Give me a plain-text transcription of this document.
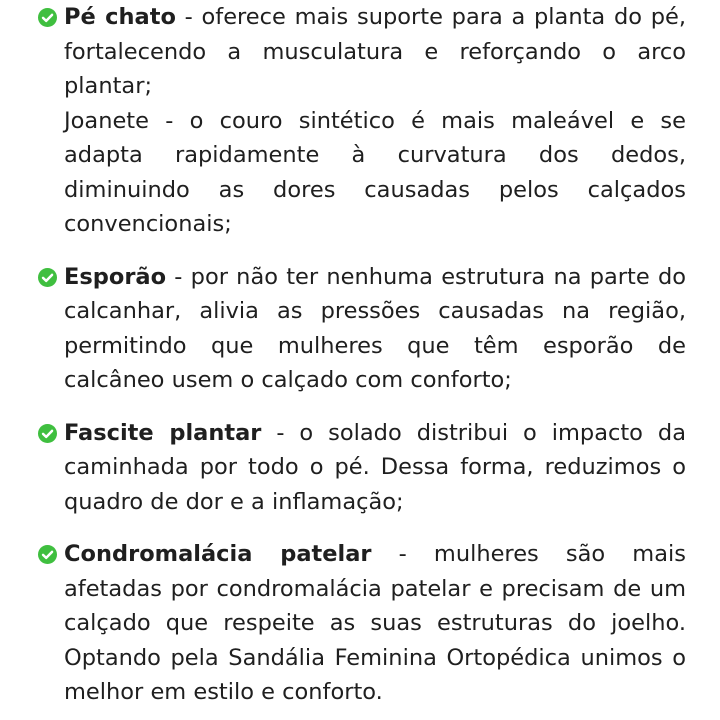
Pé chato - oferece mais suporte para a planta do pé, fortalecendo a musculatura e reforçando o arco plantar;

Joanete - o couro sintético é mais maleável e se adapta rapidamente à curvatura dos dedos, diminuindo as dores causadas pelos calçados convencionais;

Esporão - por não ter nenhuma estrutura na parte do calcanhar, alivia as pressões causadas na região, permitindo que mulheres que têm esporão de calcâneo usem o calçado com conforto;

Fascite plantar - o solado distribui o impacto da caminhada por todo o pé. Dessa forma, reduzimos o quadro de dor e a inflamação;

Condromalácia patelar - mulheres são mais afetadas por condromalácia patelar e precisam de um calçado que respeite as suas estruturas do joelho. Optando pela Sandália Feminina Ortopédica unimos o melhor em estilo e conforto.
